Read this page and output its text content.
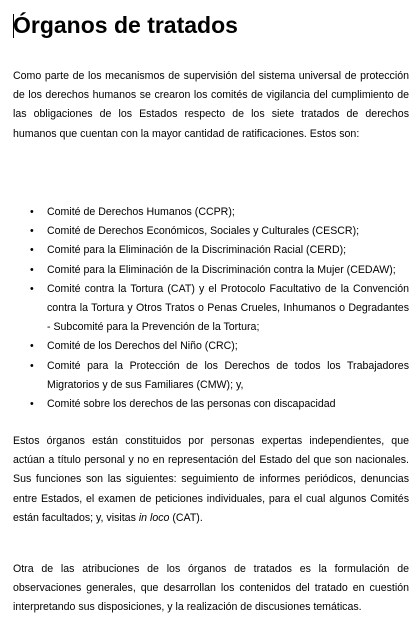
Órganos de tratados

Como parte de los mecanismos de supervisión del sistema universal de protección de los derechos humanos se crearon los comités de vigilancia del cumplimiento de las obligaciones de los Estados respecto de los siete tratados de derechos humanos que cuentan con la mayor cantidad de ratificaciones. Estos son:

• Comité de Derechos Humanos (CCPR);
• Comité de Derechos Económicos, Sociales y Culturales (CESCR);
• Comité para la Eliminación de la Discriminación Racial (CERD);
• Comité para la Eliminación de la Discriminación contra la Mujer (CEDAW);
• Comité contra la Tortura (CAT) y el Protocolo Facultativo de la Convención contra la Tortura y Otros Tratos o Penas Crueles, Inhumanos o Degradantes - Subcomité para la Prevención de la Tortura;
• Comité de los Derechos del Niño (CRC);
• Comité para la Protección de los Derechos de todos los Trabajadores Migratorios y de sus Familiares (CMW); y,
• Comité sobre los derechos de las personas con discapacidad

Estos órganos están constituidos por personas expertas independientes, que actúan a título personal y no en representación del Estado del que son nacionales. Sus funciones son las siguientes: seguimiento de informes periódicos, denuncias entre Estados, el examen de peticiones individuales, para el cual algunos Comités están facultados; y, visitas in loco (CAT).

Otra de las atribuciones de los órganos de tratados es la formulación de observaciones generales, que desarrollan los contenidos del tratado en cuestión interpretando sus disposiciones, y la realización de discusiones temáticas.
